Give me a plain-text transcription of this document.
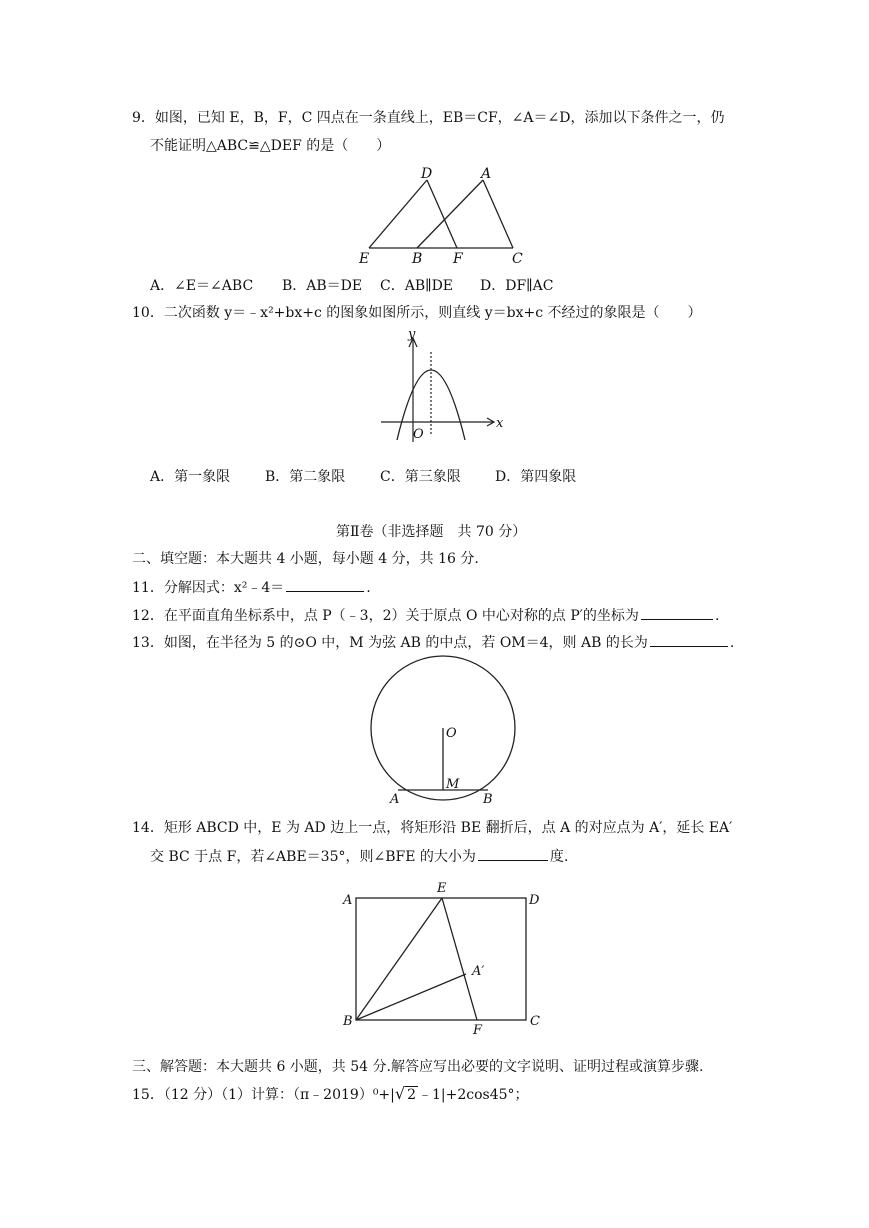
9．如图，已知 E，B，F，C 四点在一条直线上，EB＝CF，∠A＝∠D，添加以下条件之一，仍
不能证明△ABC≌△DEF 的是（　　）
D	A
E	B F	C
A．∠E＝∠ABC B．AB＝DE C．AB∥DE D．DF∥AC
10．二次函数 y＝﹣x²+bx+c 的图象如图所示，则直线 y＝bx+c 不经过的象限是（　　）
y
x
O
A．第一象限 B．第二象限 C．第三象限 D．第四象限
第Ⅱ卷（非选择题　共 70 分）
二、填空题：本大题共 4 小题，每小题 4 分，共 16 分.
11．分解因式：x²﹣4＝	.
12．在平面直角坐标系中，点 P（﹣3，2）关于原点 O 中心对称的点 P′的坐标为	.
13．如图，在半径为 5 的⊙O 中，M 为弦 AB 的中点，若 OM＝4，则 AB 的长为	.
O
M
A	B
14．矩形 ABCD 中，E 为 AD 边上一点，将矩形沿 BE 翻折后，点 A 的对应点为 A′，延长 EA′
交 BC 于点 F，若∠ABE＝35°，则∠BFE 的大小为	度.
A
E
D
A′
B
F
C
三、解答题：本大题共 6 小题，共 54 分.解答应写出必要的文字说明、证明过程或演算步骤.
15．（12 分）（1）计算：（π﹣2019）⁰+|√ 2 ﹣1|+2cos45°；
